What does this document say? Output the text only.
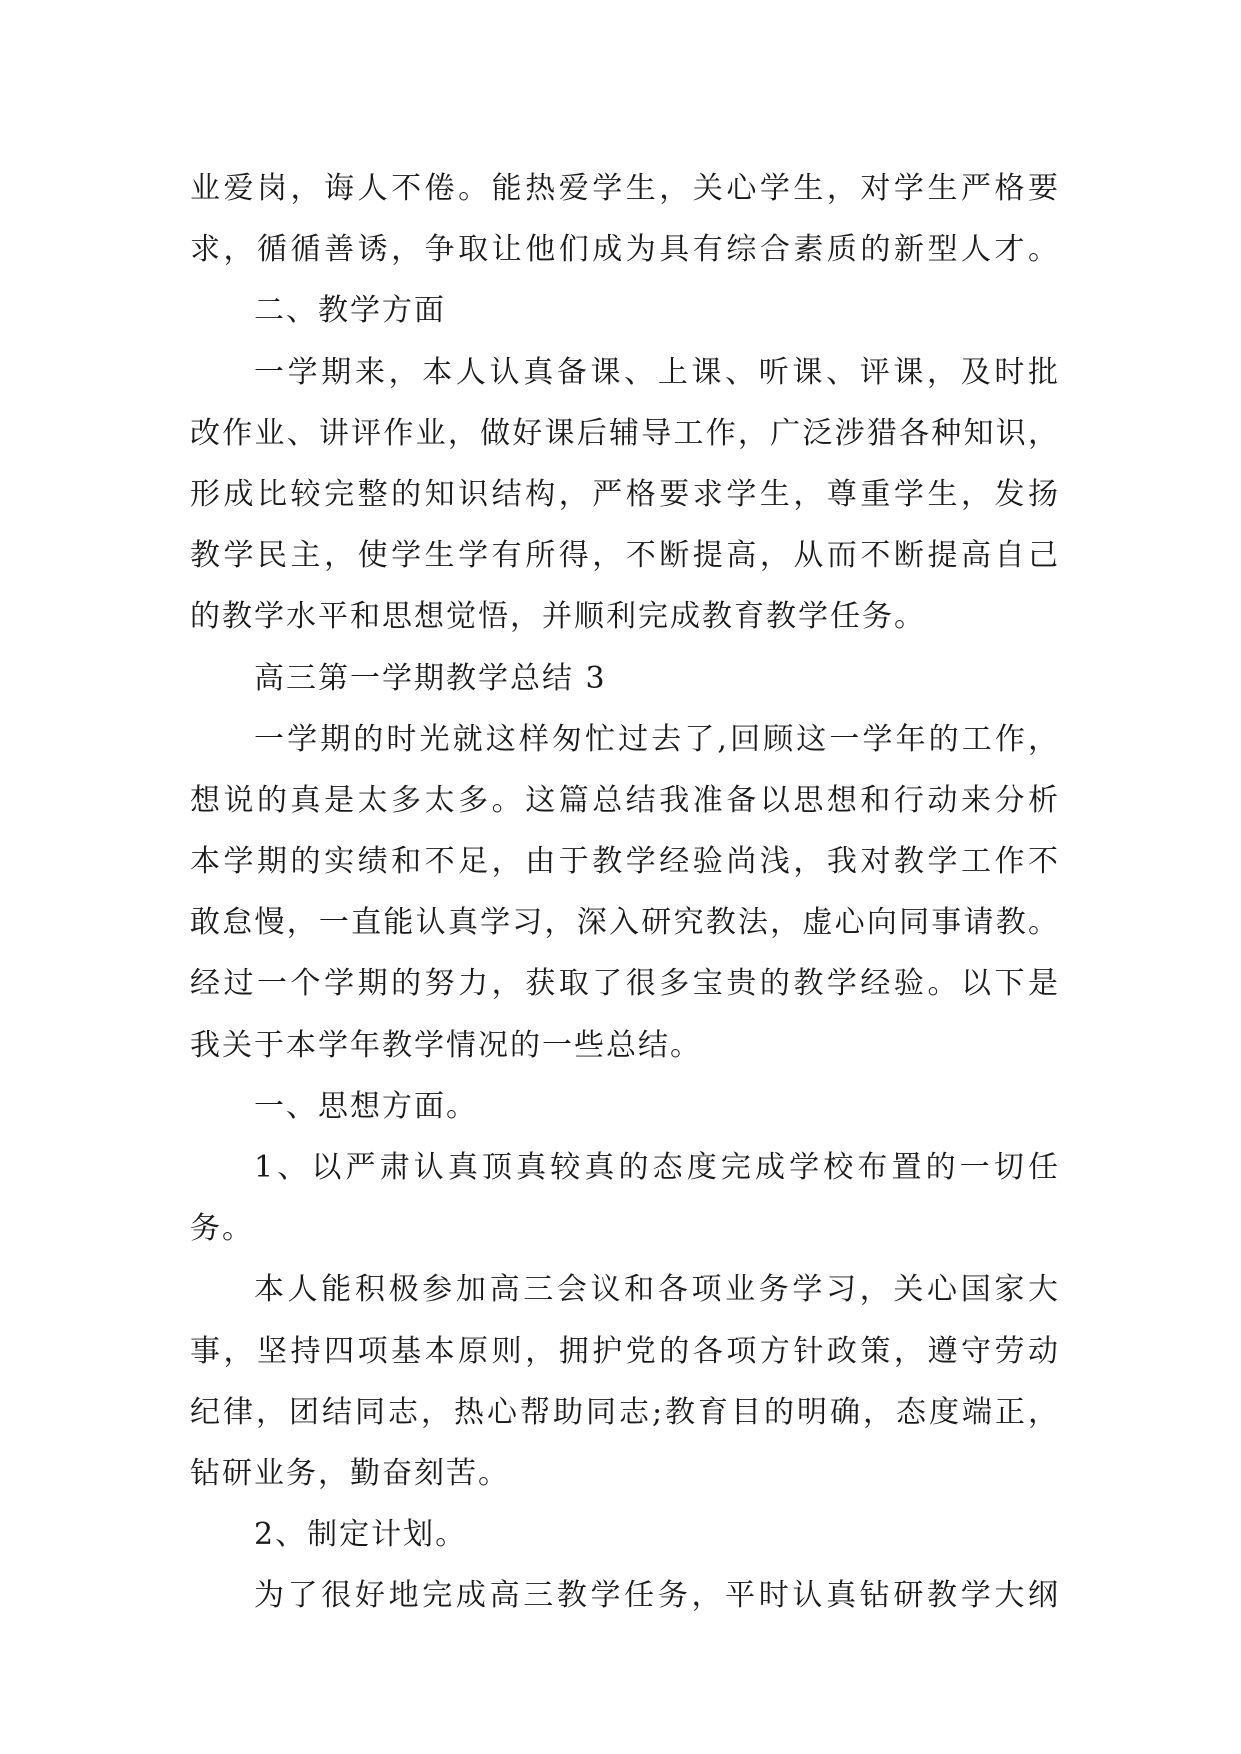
业爱岗，诲人不倦。能热爱学生，关心学生，对学生严格要
求，循循善诱，争取让他们成为具有综合素质的新型人才。
二、教学方面
一学期来，本人认真备课、上课、听课、评课，及时批
改作业、讲评作业，做好课后辅导工作，广泛涉猎各种知识，
形成比较完整的知识结构，严格要求学生，尊重学生，发扬
教学民主，使学生学有所得，不断提高，从而不断提高自己
的教学水平和思想觉悟，并顺利完成教育教学任务。
高三第一学期教学总结 3
一学期的时光就这样匆忙过去了,回顾这一学年的工作，
想说的真是太多太多。这篇总结我准备以思想和行动来分析
本学期的实绩和不足，由于教学经验尚浅，我对教学工作不
敢怠慢，一直能认真学习，深入研究教法，虚心向同事请教。
经过一个学期的努力，获取了很多宝贵的教学经验。以下是
我关于本学年教学情况的一些总结。
一、思想方面。
1、以严肃认真顶真较真的态度完成学校布置的一切任
务。
本人能积极参加高三会议和各项业务学习，关心国家大
事，坚持四项基本原则，拥护党的各项方针政策，遵守劳动
纪律，团结同志，热心帮助同志;教育目的明确，态度端正，
钻研业务，勤奋刻苦。
2、制定计划。
为了很好地完成高三教学任务，平时认真钻研教学大纲
